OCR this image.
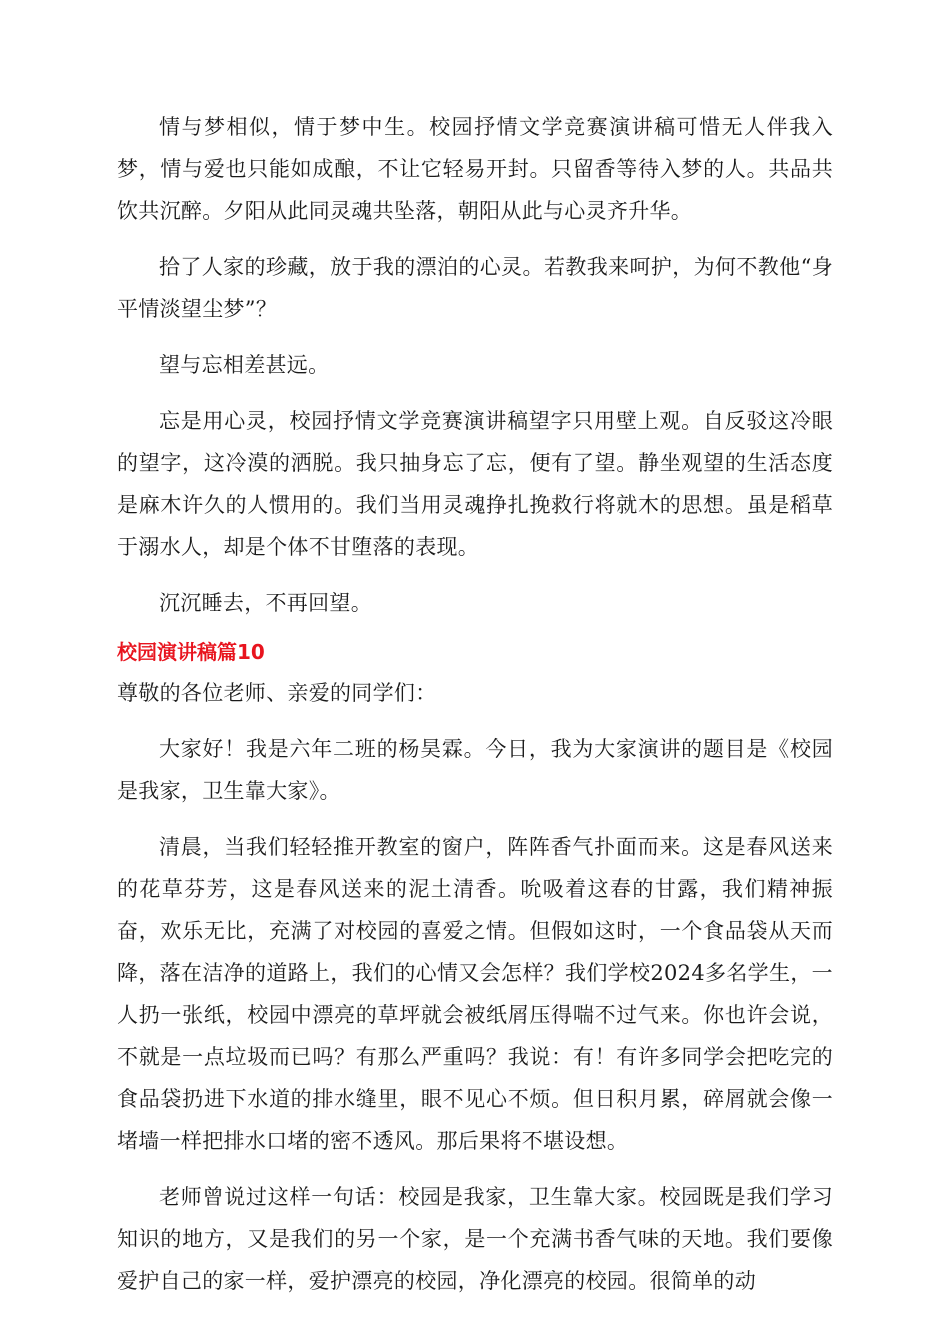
情与梦相似，情于梦中生。校园抒情文学竞赛演讲稿可惜无人伴我入梦，情与爱也只能如成酿，不让它轻易开封。只留香等待入梦的人。共品共饮共沉醉。夕阳从此同灵魂共坠落，朝阳从此与心灵齐升华。

拾了人家的珍藏，放于我的漂泊的心灵。若教我来呵护，为何不教他“身平情淡望尘梦”？

望与忘相差甚远。

忘是用心灵，校园抒情文学竞赛演讲稿望字只用壁上观。自反驳这冷眼的望字，这冷漠的洒脱。我只抽身忘了忘，便有了望。静坐观望的生活态度是麻木许久的人惯用的。我们当用灵魂挣扎挽救行将就木的思想。虽是稻草于溺水人，却是个体不甘堕落的表现。

沉沉睡去，不再回望。

校园演讲稿篇10

尊敬的各位老师、亲爱的同学们：

大家好！我是六年二班的杨昊霖。今日，我为大家演讲的题目是《校园是我家，卫生靠大家》。

清晨，当我们轻轻推开教室的窗户，阵阵香气扑面而来。这是春风送来的花草芬芳，这是春风送来的泥土清香。吮吸着这春的甘露，我们精神振奋，欢乐无比，充满了对校园的喜爱之情。但假如这时，一个食品袋从天而降，落在洁净的道路上，我们的心情又会怎样？我们学校2024多名学生，一人扔一张纸，校园中漂亮的草坪就会被纸屑压得喘不过气来。你也许会说，不就是一点垃圾而已吗？有那么严重吗？我说：有！有许多同学会把吃完的食品袋扔进下水道的排水缝里，眼不见心不烦。但日积月累，碎屑就会像一堵墙一样把排水口堵的密不透风。那后果将不堪设想。

老师曾说过这样一句话：校园是我家，卫生靠大家。校园既是我们学习知识的地方，又是我们的另一个家，是一个充满书香气味的天地。我们要像爱护自己的家一样，爱护漂亮的校园，净化漂亮的校园。很简单的动
